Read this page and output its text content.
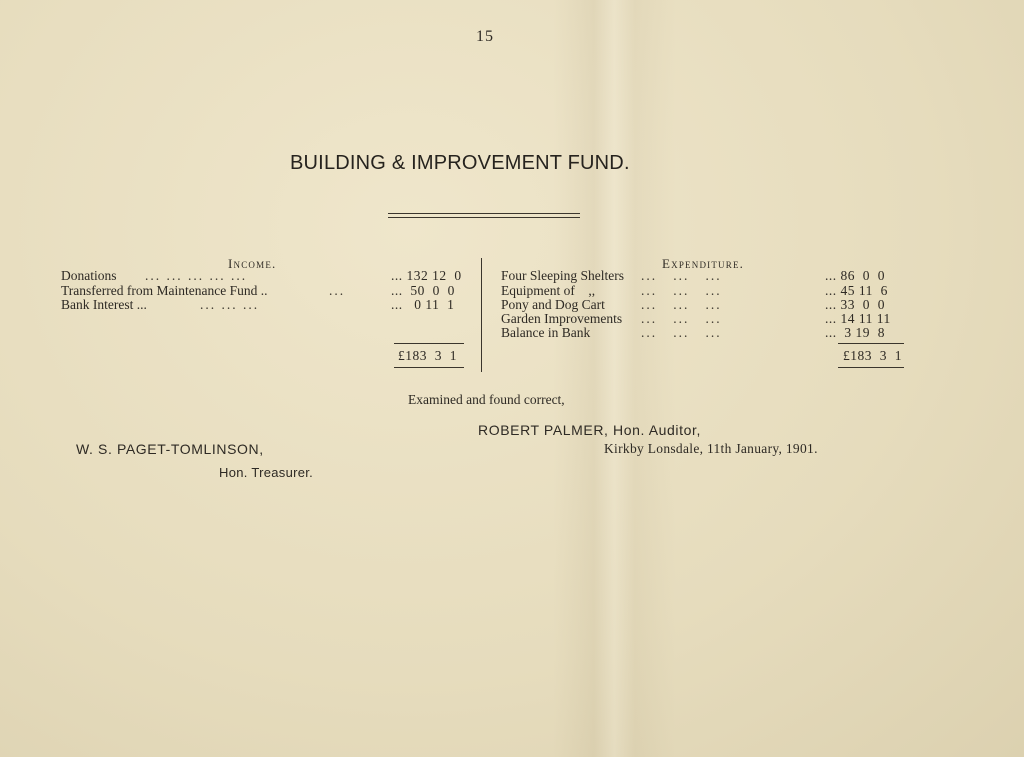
15
BUILDING & IMPROVEMENT FUND.
Income.
Donations ... ... ... ... ...	... 132 12  0
Transferred from Maintenance Fund ..	...	...  50  0  0
Bank Interest ...	... ... ...	...   0 11  1
£183  3  1
Expenditure.
Four Sleeping Shelters ...   ...   ...	... 86  0  0
Equipment of    ,,	...   ...   ...	... 45 11  6
Pony and Dog Cart	...   ...   ...	... 33  0  0
Garden Improvements ...   ...   ...	... 14 11 11
Balance in Bank	...   ...   ...	...  3 19  8
£183  3  1
Examined and found correct,
ROBERT PALMER, Hon. Auditor,
Kirkby Lonsdale, 11th January, 1901.
W. S. PAGET-TOMLINSON,
Hon. Treasurer.
